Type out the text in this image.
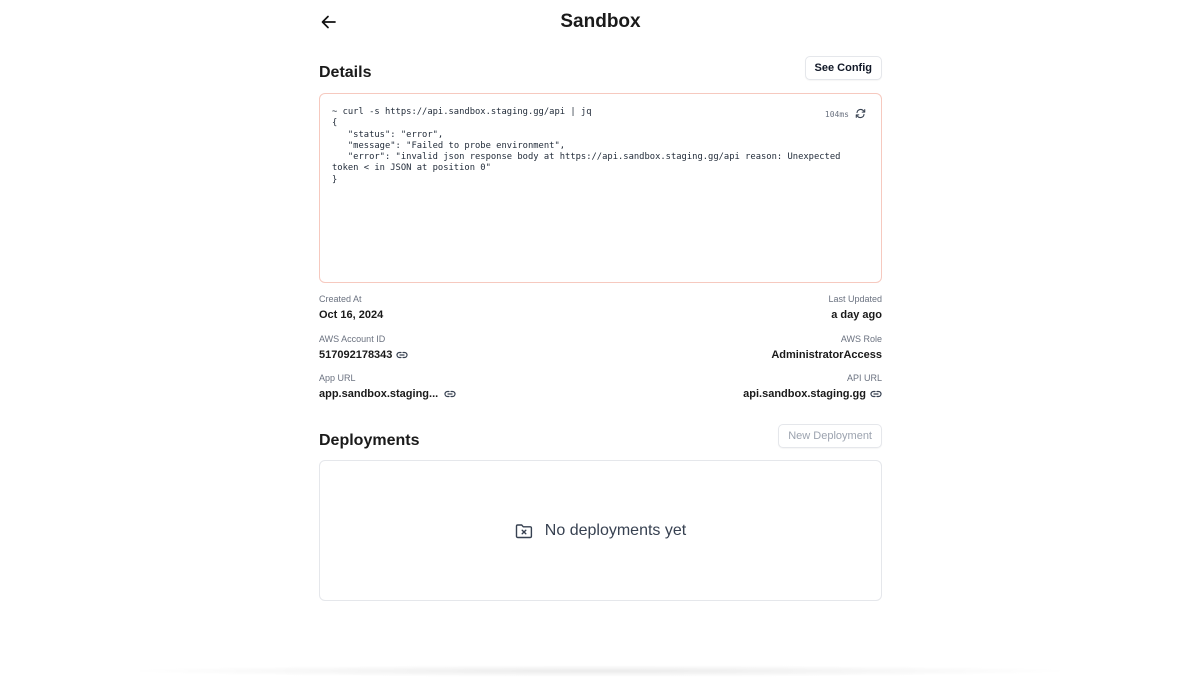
Sandbox
Details	See Config
~ curl -s https://api.sandbox.staging.gg/api | jq
{
"status": "error",
"message": "Failed to probe environment",
"error": "invalid json response body at https://api.sandbox.staging.gg/api reason: Unexpected token < in JSON at position 0"
}
104ms
Created At
Oct 16, 2024
Last Updated
a day ago
AWS Account ID
517092178343
AWS Role
AdministratorAccess
App URL
app.sandbox.staging...
API URL
api.sandbox.staging.gg
Deployments	New Deployment
No deployments yet
